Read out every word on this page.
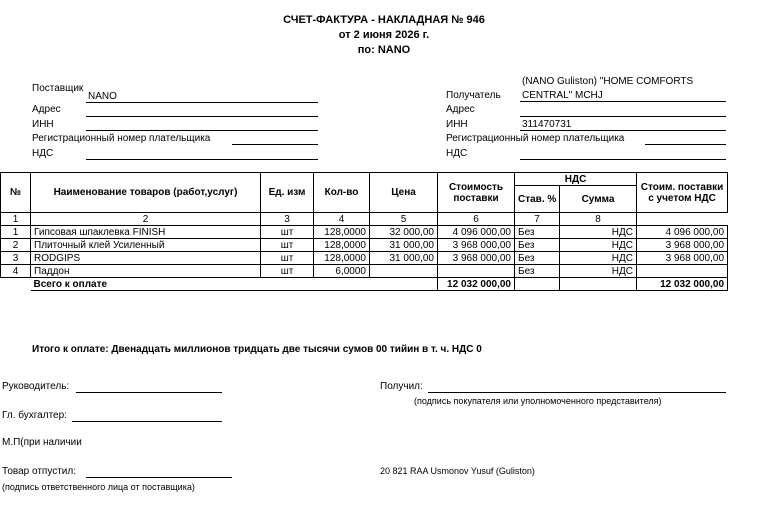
СЧЕТ-ФАКТУРА - НАКЛАДНАЯ № 946
от 2 июня 2026 г.
по: NANO
Поставщик
NANO
Адрес
ИНН
Регистрационный номер плательщика
НДС
(NANO Guliston) "HOME COMFORTS
Получатель CENTRAL" MCHJ
Адрес
ИНН	311470731
Регистрационный номер плательщика
НДС
№	Наименование товаров (работ,услуг)	Ед. изм	Кол-во	Цена	Стоимость поставки	НДС		Стоим. поставки с учетом НДС
						Став. %	Сумма	
1	2	3	4	5	6	7	8	
1	Гипсовая шпаклевка FINISH	шт	128,0000	32 000,00	4 096 000,00	Без	НДС	4 096 000,00
2	Плиточный клей Усиленный	шт	128,0000	31 000,00	3 968 000,00	Без	НДС	3 968 000,00
3	RODGIPS	шт	128,0000	31 000,00	3 968 000,00	Без	НДС	3 968 000,00
4	Паддон	шт	6,0000			Без	НДС	
	Всего к оплате				12 032 000,00			12 032 000,00
Итого к оплате: Двенадцать миллионов тридцать две тысячи сумов 00 тийин в т. ч. НДС 0
Руководитель:
Гл. бухгалтер:
М.П(при наличии
Товар отпустил:
(подпись ответственного лица от поставщика)
Получил:
(подпись покупателя или уполномоченного представителя)
20 821 RAA Usmonov Yusuf (Guliston)
